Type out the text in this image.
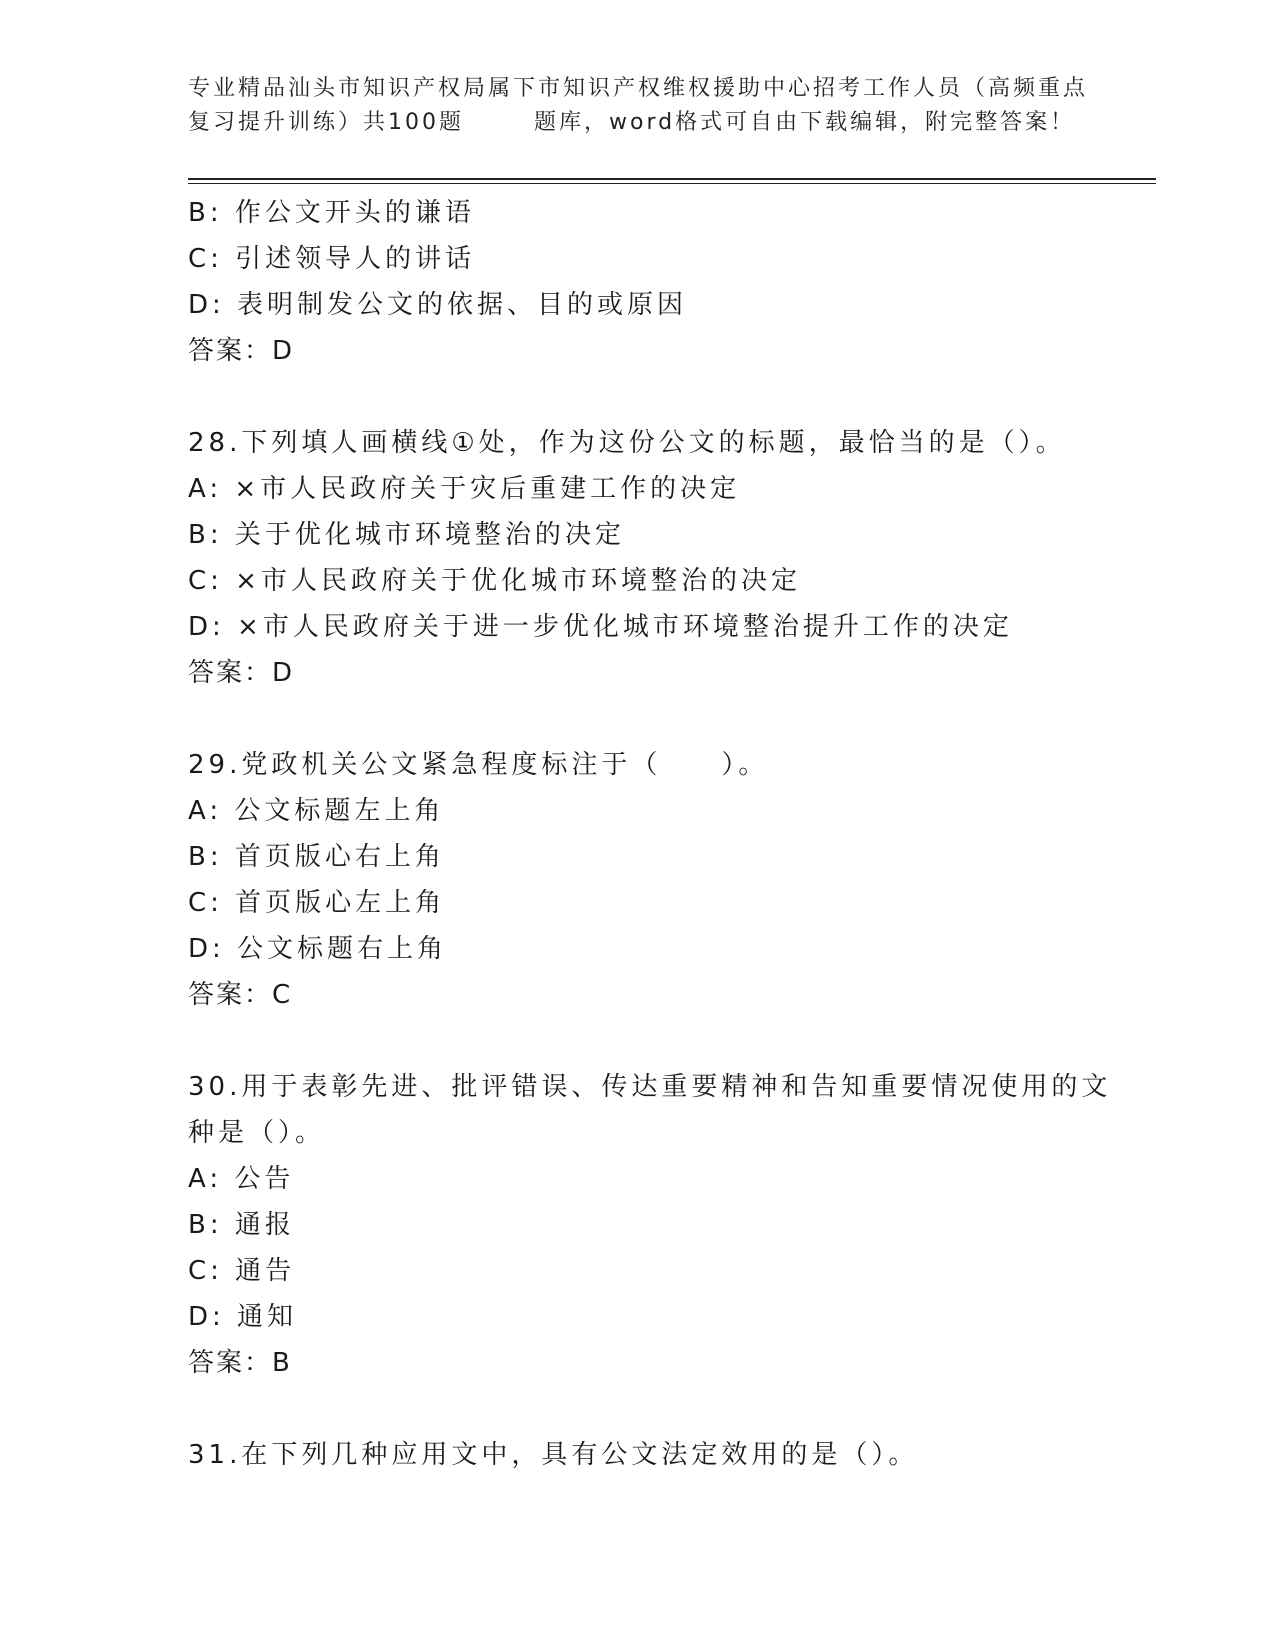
专业精品汕头市知识产权局属下市知识产权维权援助中心招考工作人员（高频重点
复习提升训练）共100题	题库，word格式可自由下载编辑，附完整答案！
B: 作公文开头的谦语
C: 引述领导人的讲话
D: 表明制发公文的依据、目的或原因
答案：D
28.下列填人画横线①处，作为这份公文的标题，最恰当的是（）。
A: ×市人民政府关于灾后重建工作的决定
B: 关于优化城市环境整治的决定
C: ×市人民政府关于优化城市环境整治的决定
D: ×市人民政府关于进一步优化城市环境整治提升工作的决定
答案：D
29.党政机关公文紧急程度标注于（　　）。
A: 公文标题左上角
B: 首页版心右上角
C: 首页版心左上角
D: 公文标题右上角
答案：C
30.用于表彰先进、批评错误、传达重要精神和告知重要情况使用的文
种是（）。
A: 公告
B: 通报
C: 通告
D: 通知
答案：B
31.在下列几种应用文中，具有公文法定效用的是（）。
